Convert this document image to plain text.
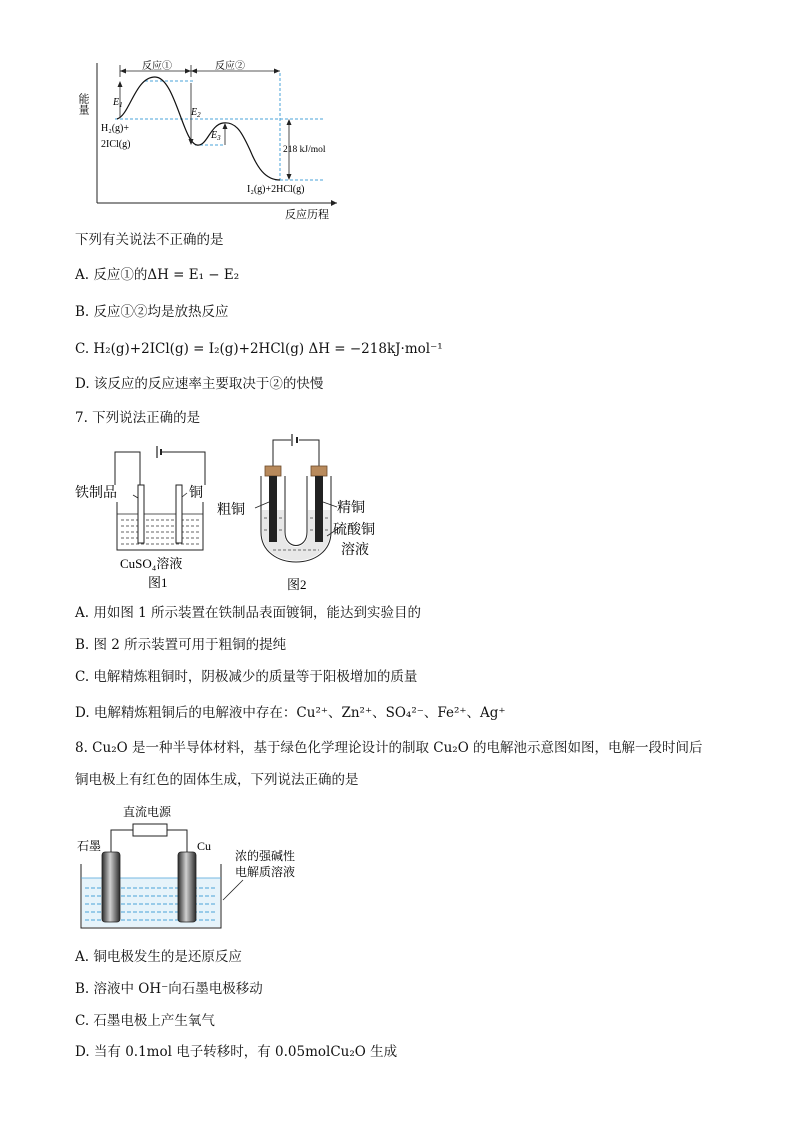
能量
反应历程
反应①	反应②
$E_1$
$E_2$
$E_3$
218 kJ/mol
H₂(g)+
2ICl(g)
I₂(g)+2HCl(g)
下列有关说法不正确的是
A. 反应①的ΔH = E₁ − E₂
B. 反应①②均是放热反应
C. H₂(g)+2ICl(g) = I₂(g)+2HCl(g) ΔH = −218kJ·mol⁻¹
D. 该反应的反应速率主要取决于②的快慢
7. 下列说法正确的是
铁制品	铜
CuSO₄溶液
图1
粗铜	精铜
硫酸铜
溶液
图2
A. 用如图 1 所示装置在铁制品表面镀铜，能达到实验目的
B. 图 2 所示装置可用于粗铜的提纯
C. 电解精炼粗铜时，阴极减少的质量等于阳极增加的质量
D. 电解精炼粗铜后的电解液中存在：Cu²⁺、Zn²⁺、SO₄²⁻、Fe²⁺、Ag⁺
8. Cu₂O 是一种半导体材料，基于绿色化学理论设计的制取 Cu₂O 的电解池示意图如图，电解一段时间后
铜电极上有红色的固体生成，下列说法正确的是
直流电源
石墨	Cu
浓的强碱性
电解质溶液
A. 铜电极发生的是还原反应
B. 溶液中 OH⁻向石墨电极移动
C. 石墨电极上产生氧气
D. 当有 0.1mol 电子转移时，有 0.05molCu₂O 生成
